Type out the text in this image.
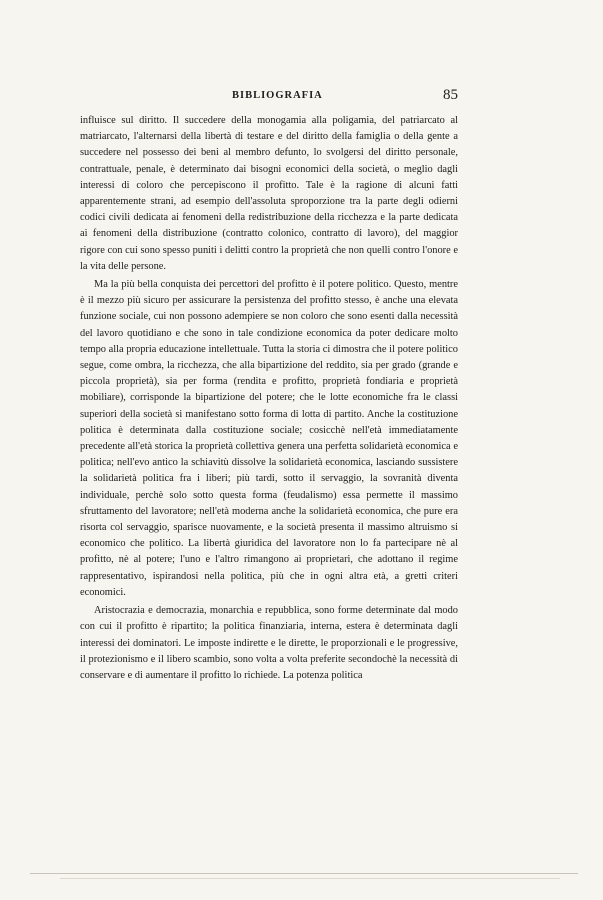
BIBLIOGRAFIA	85

influisce sul diritto. Il succedere della monogamia alla poligamia, del patriarcato al matriarcato, l'alternarsi della libertà di testare e del diritto della famiglia o della gente a succedere nel possesso dei beni al membro defunto, lo svolgersi del diritto personale, contrattuale, penale, è determinato dai bisogni economici della società, o meglio dagli interessi di coloro che percepiscono il profitto. Tale è la ragione di alcuni fatti apparentemente strani, ad esempio dell'assoluta sproporzione tra la parte degli odierni codici civili dedicata ai fenomeni della redistribuzione della ricchezza e la parte dedicata ai fenomeni della distribuzione (contratto colonico, contratto di lavoro), del maggior rigore con cui sono spesso puniti i delitti contro la proprietà che non quelli contro l'onore e la vita delle persone.

Ma la più bella conquista dei percettori del profitto è il potere politico. Questo, mentre è il mezzo più sicuro per assicurare la persistenza del profitto stesso, è anche una elevata funzione sociale, cui non possono adempiere se non coloro che sono esenti dalla necessità del lavoro quotidiano e che sono in tale condizione economica da poter dedicare molto tempo alla propria educazione intellettuale. Tutta la storia ci dimostra che il potere politico segue, come ombra, la ricchezza, che alla bipartizione del reddito, sia per grado (grande e piccola proprietà), sia per forma (rendita e profitto, proprietà fondiaria e proprietà mobiliare), corrisponde la bipartizione del potere; che le lotte economiche fra le classi superiori della società si manifestano sotto forma di lotta di partito. Anche la costituzione politica è determinata dalla costituzione sociale; cosicchè nell'età immediatamente precedente all'età storica la proprietà collettiva genera una perfetta solidarietà economica e politica; nell'evo antico la schiavitù dissolve la solidarietà economica, lasciando sussistere la solidarietà politica fra i liberi; più tardi, sotto il servaggio, la sovranità diventa individuale, perchè solo sotto questa forma (feudalismo) essa permette il massimo sfruttamento del lavoratore; nell'età moderna anche la solidarietà economica, che pure era risorta col servaggio, sparisce nuovamente, e la società presenta il massimo altruismo si economico che politico. La libertà giuridica del lavoratore non lo fa partecipare nè al profitto, nè al potere; l'uno e l'altro rimangono ai proprietari, che adottano il regime rappresentativo, ispirandosi nella politica, più che in ogni altra età, a gretti criteri economici.

Aristocrazia e democrazia, monarchia e repubblica, sono forme determinate dal modo con cui il profitto è ripartito; la politica finanziaria, interna, estera è determinata dagli interessi dei dominatori. Le imposte indirette e le dirette, le proporzionali e le progressive, il protezionismo e il libero scambio, sono volta a volta preferite secondochè la necessità di conservare e di aumentare il profitto lo richiede. La potenza politica
